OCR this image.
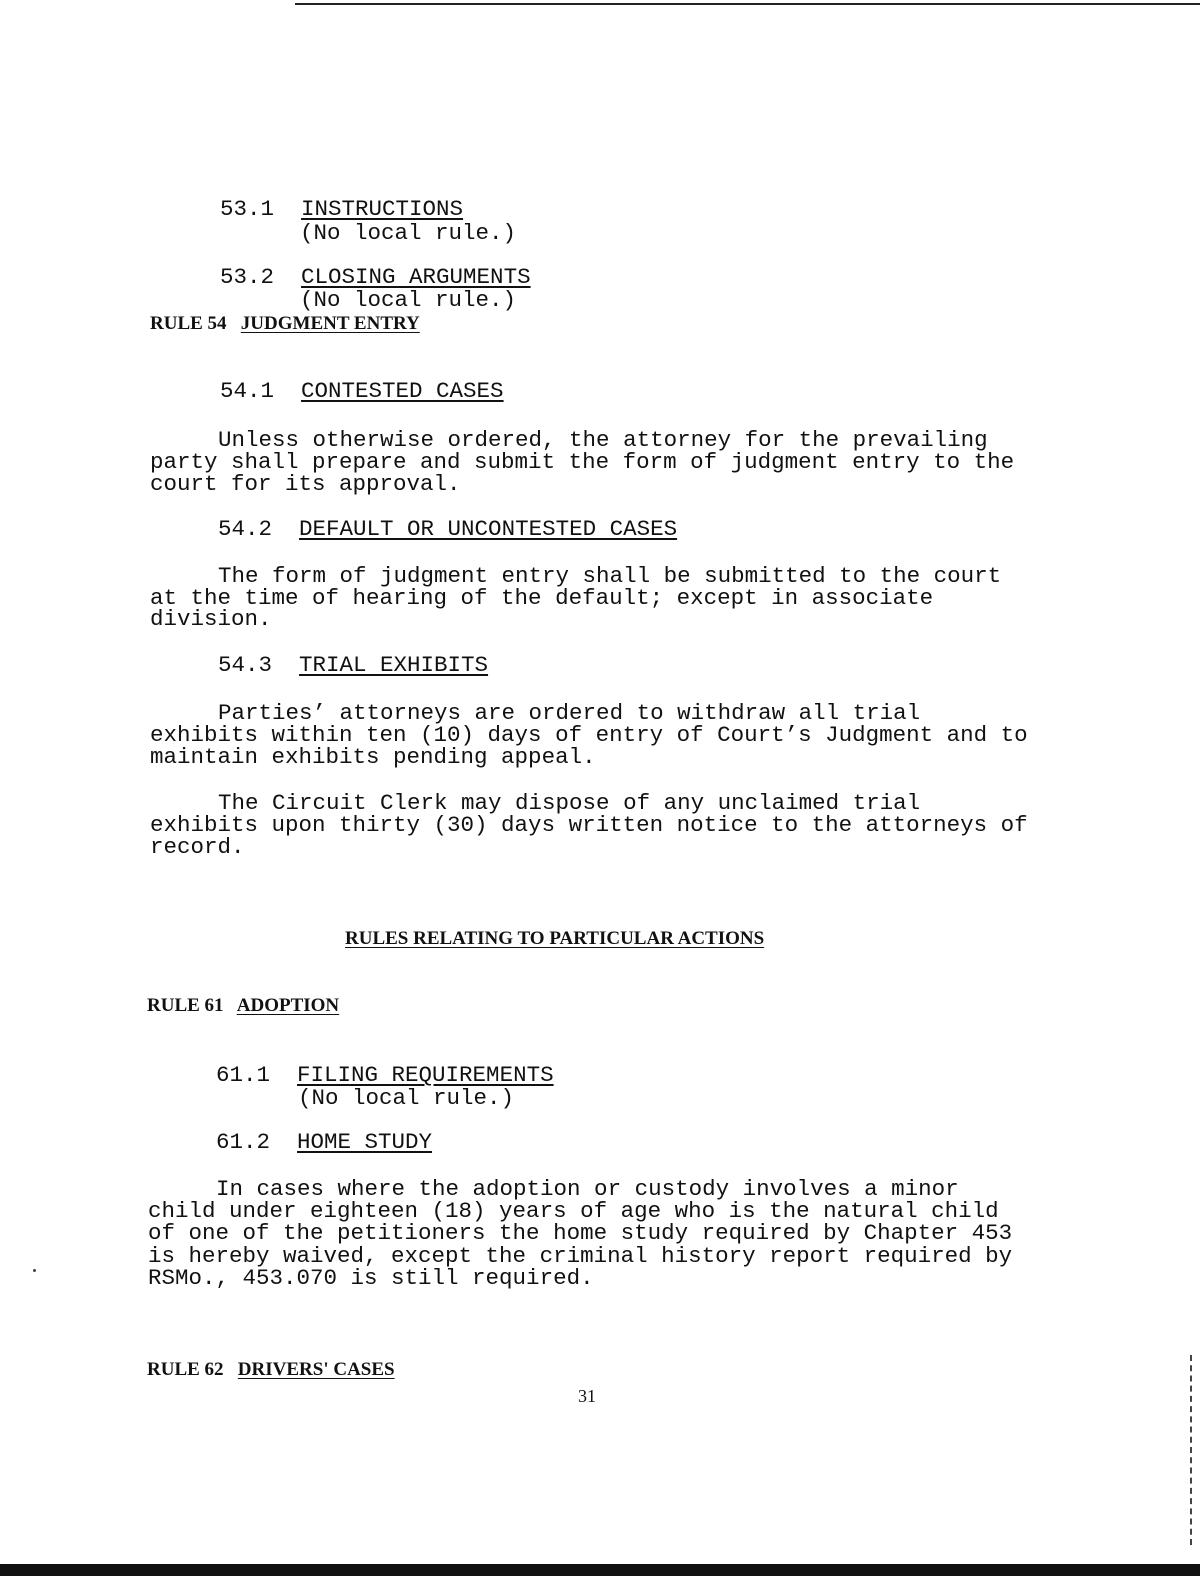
53.1 INSTRUCTIONS
(No local rule.)
53.2 CLOSING ARGUMENTS
(No local rule.)
RULE 54 JUDGMENT ENTRY
54.1 CONTESTED CASES
Unless otherwise ordered, the attorney for the prevailing
party shall prepare and submit the form of judgment entry to the
court for its approval.
54.2 DEFAULT OR UNCONTESTED CASES
The form of judgment entry shall be submitted to the court
at the time of hearing of the default; except in associate
division.
54.3 TRIAL EXHIBITS
Parties’ attorneys are ordered to withdraw all trial
exhibits within ten (10) days of entry of Court’s Judgment and to
maintain exhibits pending appeal.
The Circuit Clerk may dispose of any unclaimed trial
exhibits upon thirty (30) days written notice to the attorneys of
record.
RULES RELATING TO PARTICULAR ACTIONS
RULE 61 ADOPTION
61.1 FILING REQUIREMENTS
(No local rule.)
61.2 HOME STUDY
In cases where the adoption or custody involves a minor
child under eighteen (18) years of age who is the natural child
of one of the petitioners the home study required by Chapter 453
is hereby waived, except the criminal history report required by
RSMo., 453.070 is still required.
RULE 62 DRIVERS' CASES
31
